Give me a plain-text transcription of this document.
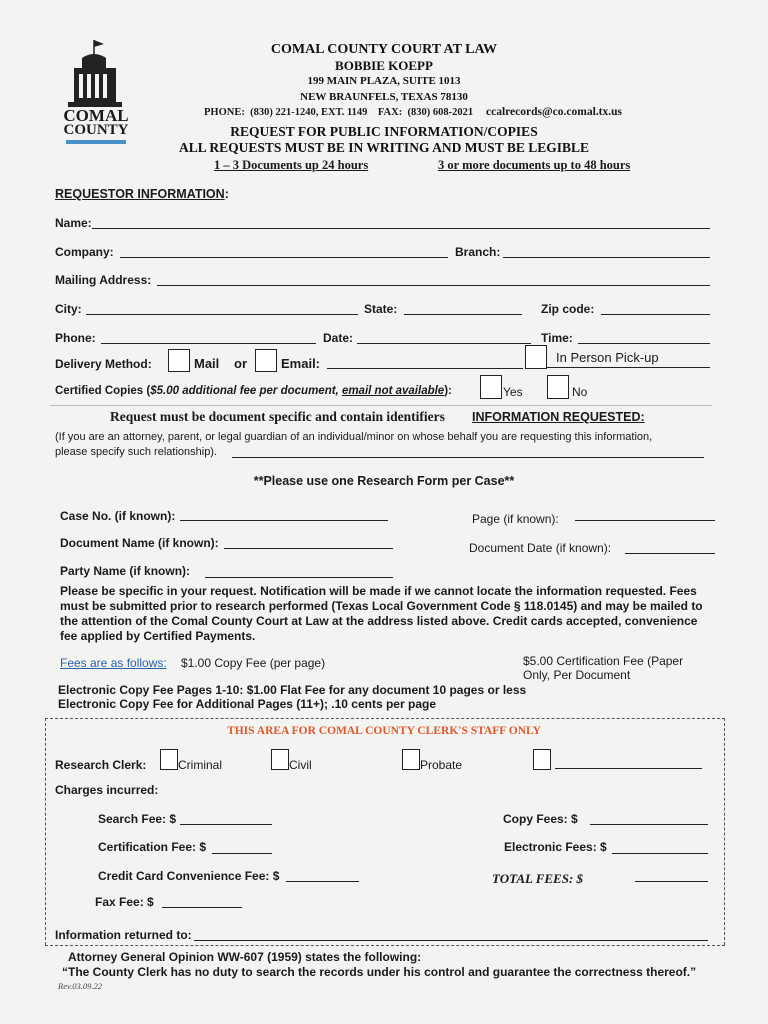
COMAL
COUNTY
COMAL COUNTY COURT AT LAW
BOBBIE KOEPP
199 MAIN PLAZA, SUITE 1013
NEW BRAUNFELS, TEXAS 78130
PHONE:  (830) 221-1240, EXT. 1149    FAX:  (830) 608-2021 ccalrecords@co.comal.tx.us
REQUEST FOR PUBLIC INFORMATION/COPIES
ALL REQUESTS MUST BE IN WRITING AND MUST BE LEGIBLE
1 – 3 Documents up 24 hours	3 or more documents up to 48 hours
REQUESTOR INFORMATION:
Name:
Company:	Branch:
Mailing Address:
City:	State:	Zip code:
Phone:	Date:	Time:
Delivery Method:	Mail or	Email:	In Person Pick-up
Certified Copies ($5.00 additional fee per document, email not available):	Yes	No
Request must be document specific and contain identifiers INFORMATION REQUESTED:
(If you are an attorney, parent, or legal guardian of an individual/minor on whose behalf you are requesting this information,
please specify such relationship).
**Please use one Research Form per Case**
Case No. (if known):	Page (if known):
Document Name (if known):	Document Date (if known):
Party Name (if known):
Please be specific in your request. Notification will be made if we cannot locate the information requested. Fees
must be submitted prior to research performed (Texas Local Government Code § 118.0145) and may be mailed to
the attention of the Comal County Court at Law at the address listed above. Credit cards accepted, convenience
fee applied by Certified Payments.
Fees are as follows: $1.00 Copy Fee (per page)	$5.00 Certification Fee (Paper
Only, Per Document
Electronic Copy Fee Pages 1-10: $1.00 Flat Fee for any document 10 pages or less
Electronic Copy Fee for Additional Pages (11+); .10 cents per page
THIS AREA FOR COMAL COUNTY CLERK'S STAFF ONLY
Research Clerk:	Criminal	Civil	Probate
Charges incurred:
Search Fee: $	Copy Fees: $
Certification Fee: $	Electronic Fees: $
Credit Card Convenience Fee: $	TOTAL FEES: $
Fax Fee: $
Information returned to:
Attorney General Opinion WW-607 (1959) states the following:
“The County Clerk has no duty to search the records under his control and guarantee the correctness thereof.”
Rev.03.09.22
